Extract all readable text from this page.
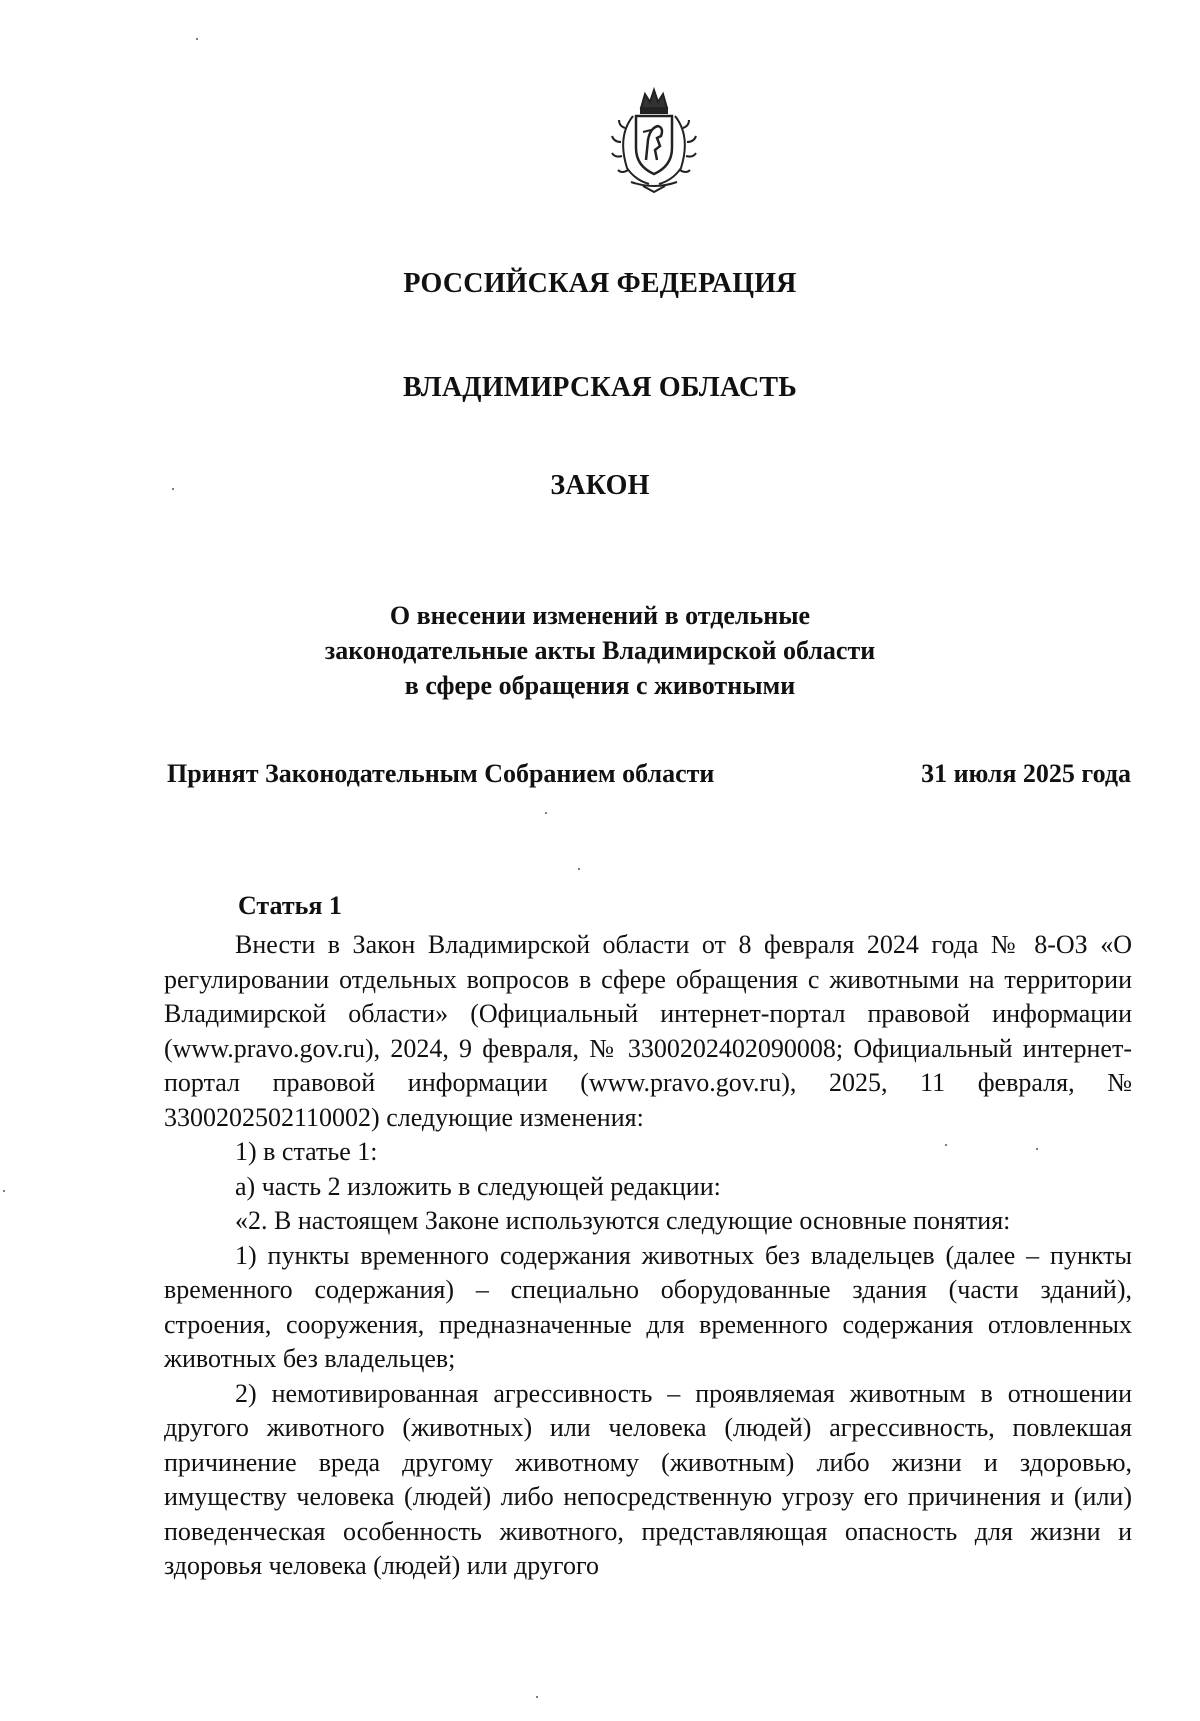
РОССИЙСКАЯ ФЕДЕРАЦИЯ
ВЛАДИМИРСКАЯ ОБЛАСТЬ
ЗАКОН
О внесении изменений в отдельные
законодательные акты Владимирской области
в сфере обращения с животными
Принят Законодательным Собранием области	31 июля 2025 года
Статья 1

Внести в Закон Владимирской области от 8 февраля 2024 года № 8-ОЗ «О регулировании отдельных вопросов в сфере обращения с животными на территории Владимирской области» (Официальный интернет-портал правовой информации (www.pravo.gov.ru), 2024, 9 февраля, № 3300202402090008; Официальный интернет-портал правовой информации (www.pravo.gov.ru), 2025, 11 февраля, № 3300202502110002) следующие изменения:

1) в статье 1:

а) часть 2 изложить в следующей редакции:

«2. В настоящем Законе используются следующие основные понятия:

1) пункты временного содержания животных без владельцев (далее – пункты временного содержания) – специально оборудованные здания (части зданий), строения, сооружения, предназначенные для временного содержания отловленных животных без владельцев;

2) немотивированная агрессивность – проявляемая животным в отношении другого животного (животных) или человека (людей) агрессивность, повлекшая причинение вреда другому животному (животным) либо жизни и здоровью, имуществу человека (людей) либо непосредственную угрозу его причинения и (или) поведенческая особенность животного, представляющая опасность для жизни и здоровья человека (людей) или другого
